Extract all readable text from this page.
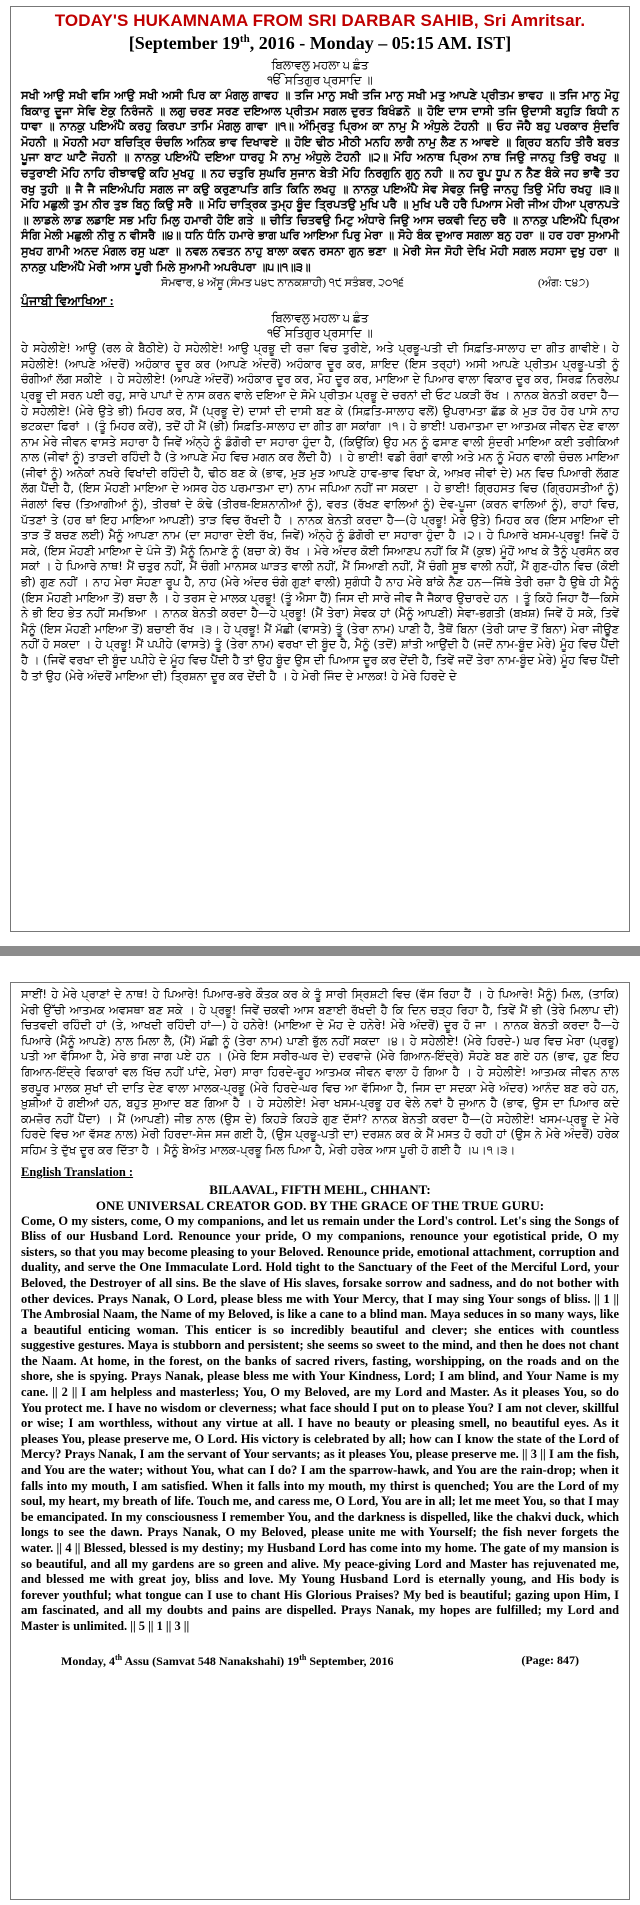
TODAY'S HUKAMNAMA FROM SRI DARBAR SAHIB, Sri Amritsar.

[September 19th, 2016 - Monday – 05:15 AM. IST]

ਬਿਲਾਵਲੁ ਮਹਲਾ ੫ ਛੰਤ
ੴ ਸਤਿਗੁਰ ਪ੍ਰਸਾਦਿ ॥

ਸਖੀ ਆਉ ਸਖੀ ਵਸਿ ਆਉ ਸਖੀ ਅਸੀ ਪਿਰ ਕਾ ਮੰਗਲੁ ਗਾਵਹ ॥ ਤਜਿ ਮਾਨੁ ਸਖੀ ਤਜਿ ਮਾਨੁ ਸਖੀ ਮਤੁ ਆਪਣੇ ਪ੍ਰੀਤਮ ਭਾਵਹ ॥ ਤਜਿ ਮਾਨੁ ਮੋਹੁ ਬਿਕਾਰੁ ਦੂਜਾ ਸੇਵਿ ਏਕੁ ਨਿਰੰਜਨੋ ॥ ਲਗੁ ਚਰਣ ਸਰਣ ਦਇਆਲ ਪ੍ਰੀਤਮ ਸਗਲ ਦੁਰਤ ਬਿਖੰਡਨੋ ॥ ਹੋਇ ਦਾਸ ਦਾਸੀ ਤਜਿ ਉਦਾਸੀ ਬਹੁੜਿ ਬਿਧੀ ਨ ਧਾਵਾ ॥ ਨਾਨਕੁ ਪਇਅੰਪੈ ਕਰਹੁ ਕਿਰਪਾ ਤਾਮਿ ਮੰਗਲੁ ਗਾਵਾ ॥੧॥ ਅੰਮ੍ਰਿਤੁ ਪ੍ਰਿਅ ਕਾ ਨਾਮੁ ਮੈ ਅੰਧੁਲੇ ਟੋਹਨੀ ॥ ਓਹ ਜੋਹੈ ਬਹੁ ਪਰਕਾਰ ਸੁੰਦਰਿ ਮੋਹਨੀ ॥ ਮੋਹਨੀ ਮਹਾ ਬਚਿਤ੍ਰਿ ਚੰਚਲਿ ਅਨਿਕ ਭਾਵ ਦਿਖਾਵਏ ॥ ਹੋਇ ਢੀਠ ਮੀਠੀ ਮਨਹਿ ਲਾਗੈ ਨਾਮੁ ਲੈਣ ਨ ਆਵਏ ॥ ਗ੍ਰਿਹ ਬਨਹਿ ਤੀਰੈ ਬਰਤ ਪੂਜਾ ਬਾਟ ਘਾਟੈ ਜੋਹਨੀ ॥ ਨਾਨਕੁ ਪਇਅੰਪੈ ਦਇਆ ਧਾਰਹੁ ਮੈ ਨਾਮੁ ਅੰਧੁਲੇ ਟੋਹਨੀ ॥੨॥ ਮੋਹਿ ਅਨਾਥ ਪ੍ਰਿਅ ਨਾਥ ਜਿਉ ਜਾਨਹੁ ਤਿਉ ਰਖਹੁ ॥ ਚਤੁਰਾਈ ਮੋਹਿ ਨਾਹਿ ਰੀਝਾਵਉ ਕਹਿ ਮੁਖਹੁ ॥ ਨਹ ਚਤੁਰਿ ਸੁਘਰਿ ਸੁਜਾਨ ਬੇਤੀ ਮੋਹਿ ਨਿਰਗੁਨਿ ਗੁਨੁ ਨਹੀ ॥ ਨਹ ਰੂਪ ਧੂਪ ਨ ਨੈਣ ਬੰਕੇ ਜਹ ਭਾਵੈ ਤਹ ਰਖੁ ਤੁਹੀ ॥ ਜੈ ਜੈ ਜਇਅੰਪਹਿ ਸਗਲ ਜਾ ਕਉ ਕਰੁਣਾਪਤਿ ਗਤਿ ਕਿਨਿ ਲਖਹੁ ॥ ਨਾਨਕੁ ਪਇਅੰਪੈ ਸੇਵ ਸੇਵਕੁ ਜਿਉ ਜਾਨਹੁ ਤਿਉ ਮੋਹਿ ਰਖਹੁ ॥੩॥ ਮੋਹਿ ਮਛੁਲੀ ਤੁਮ ਨੀਰ ਤੁਝ ਬਿਨੁ ਕਿਉ ਸਰੈ ॥ ਮੋਹਿ ਚਾਤ੍ਰਿਕ ਤੁਮ੍ਹ ਬੂੰਦ ਤ੍ਰਿਪਤਉ ਮੁਖਿ ਪਰੈ ॥ ਮੁਖਿ ਪਰੈ ਹਰੈ ਪਿਆਸ ਮੇਰੀ ਜੀਅ ਹੀਆ ਪ੍ਰਾਨਪਤੇ ॥ ਲਾਡਲੇ ਲਾਡ ਲਡਾਇ ਸਭ ਮਹਿ ਮਿਲੁ ਹਮਾਰੀ ਹੋਇ ਗਤੇ ॥ ਚੀਤਿ ਚਿਤਵਉ ਮਿਟੁ ਅੰਧਾਰੇ ਜਿਉ ਆਸ ਚਕਵੀ ਦਿਨੁ ਚਰੈ ॥ ਨਾਨਕੁ ਪਇਅੰਪੈ ਪ੍ਰਿਅ ਸੰਗਿ ਮੇਲੀ ਮਛੁਲੀ ਨੀਰੁ ਨ ਵੀਸਰੈ ॥੪॥ ਧਨਿ ਧੰਨਿ ਹਮਾਰੇ ਭਾਗ ਘਰਿ ਆਇਆ ਪਿਰੁ ਮੇਰਾ ॥ ਸੋਹੇ ਬੰਕ ਦੁਆਰ ਸਗਲਾ ਬਨੁ ਹਰਾ ॥ ਹਰ ਹਰਾ ਸੁਆਮੀ ਸੁਖਹ ਗਾਮੀ ਅਨਦ ਮੰਗਲ ਰਸੁ ਘਣਾ ॥ ਨਵਲ ਨਵਤਨ ਨਾਹੁ ਬਾਲਾ ਕਵਨ ਰਸਨਾ ਗੁਨ ਭਣਾ ॥ ਮੇਰੀ ਸੇਜ ਸੋਹੀ ਦੇਖਿ ਮੋਹੀ ਸਗਲ ਸਹਸਾ ਦੁਖੁ ਹਰਾ ॥ ਨਾਨਕੁ ਪਇਅੰਪੈ ਮੇਰੀ ਆਸ ਪੂਰੀ ਮਿਲੇ ਸੁਆਮੀ ਅਪਰੰਪਰਾ ॥੫॥੧॥੩॥

ਸੋਮਵਾਰ, ੪ ਅੱਸੂ (ਸੰਮਤ ੫੪੮ ਨਾਨਕਸ਼ਾਹੀ) ੧੯ ਸਤੰਬਰ, ੨੦੧੬	(ਅੰਗ: ੮੪੭)
ਪੰਜਾਬੀ ਵਿਆਖਿਆ :
ਬਿਲਾਵਲੁ ਮਹਲਾ ੫ ਛੰਤ
ੴ ਸਤਿਗੁਰ ਪ੍ਰਸਾਦਿ ॥

ਹੇ ਸਹੇਲੀਏ! ਆਉ (ਰਲ ਕੇ ਬੈਠੀਏ) ਹੇ ਸਹੇਲੀਏ! ਆਉ ਪ੍ਰਭੂ ਦੀ ਰਜ਼ਾ ਵਿਚ ਤੁਰੀਏ, ਅਤੇ ਪ੍ਰਭੂ-ਪਤੀ ਦੀ ਸਿਫ਼ਤਿ-ਸਾਲਾਹ ਦਾ ਗੀਤ ਗਾਵੀਏ। ਹੇ ਸਹੇਲੀਏ! (ਆਪਣੇ ਅੰਦਰੋਂ) ਅਹੰਕਾਰ ਦੂਰ ਕਰ (ਆਪਣੇ ਅੰਦਰੋਂ) ਅਹੰਕਾਰ ਦੂਰ ਕਰ, ਸ਼ਾਇਦ (ਇਸ ਤਰ੍ਹਾਂ) ਅਸੀ ਆਪਣੇ ਪ੍ਰੀਤਮ ਪ੍ਰਭੂ-ਪਤੀ ਨੂੰ ਚੰਗੀਆਂ ਲੱਗ ਸਕੀਏ । ਹੇ ਸਹੇਲੀਏ! (ਆਪਣੇ ਅੰਦਰੋਂ) ਅਹੰਕਾਰ ਦੂਰ ਕਰ, ਮੋਹ ਦੂਰ ਕਰ, ਮਾਇਆ ਦੇ ਪਿਆਰ ਵਾਲਾ ਵਿਕਾਰ ਦੂਰ ਕਰ, ਸਿਰਫ਼ ਨਿਰਲੇਪ ਪ੍ਰਭੂ ਦੀ ਸਰਨ ਪਈ ਰਹੁ, ਸਾਰੇ ਪਾਪਾਂ ਦੇ ਨਾਸ ਕਰਨ ਵਾਲੇ ਦਇਆ ਦੇ ਸੋਮੇ ਪ੍ਰੀਤਮ ਪ੍ਰਭੂ ਦੇ ਚਰਨਾਂ ਦੀ ਓਟ ਪਕੜੀ ਰੱਖ । ਨਾਨਕ ਬੇਨਤੀ ਕਰਦਾ ਹੈ—ਹੇ ਸਹੇਲੀਏ! (ਮੇਰੇ ਉਤੇ ਭੀ) ਮਿਹਰ ਕਰ, ਮੈਂ (ਪ੍ਰਭੂ ਦੇ) ਦਾਸਾਂ ਦੀ ਦਾਸੀ ਬਣ ਕੇ (ਸਿਫ਼ਤਿ-ਸਾਲਾਹ ਵਲੋਂ) ਉਪਰਾਮਤਾ ਛੱਡ ਕੇ ਮੁੜ ਹੋਰ ਹੋਰ ਪਾਸੇ ਨਾਹ ਭਟਕਦਾ ਫਿਰਾਂ । (ਤੂੰ ਮਿਹਰ ਕਰੇਂ), ਤਦੋਂ ਹੀ ਮੈਂ (ਭੀ) ਸਿਫ਼ਤਿ-ਸਾਲਾਹ ਦਾ ਗੀਤ ਗਾ ਸਕਾਂਗਾ ।੧। ਹੇ ਭਾਈ! ਪਰਮਾਤਮਾ ਦਾ ਆਤਮਕ ਜੀਵਨ ਦੇਣ ਵਾਲਾ ਨਾਮ ਮੇਰੇ ਜੀਵਨ ਵਾਸਤੇ ਸਹਾਰਾ ਹੈ ਜਿਵੇਂ ਅੰਨ੍ਹੇ ਨੂੰ ਡੰਗੋਰੀ ਦਾ ਸਹਾਰਾ ਹੁੰਦਾ ਹੈ, (ਕਿਉਂਕਿ) ਉਹ ਮਨ ਨੂੰ ਫਸਾਣ ਵਾਲੀ ਸੁੰਦਰੀ ਮਾਇਆ ਕਈ ਤਰੀਕਿਆਂ ਨਾਲ (ਜੀਵਾਂ ਨੂੰ) ਤਾੜਦੀ ਰਹਿੰਦੀ ਹੈ (ਤੇ ਆਪਣੇ ਮੋਹ ਵਿਚ ਮਗਨ ਕਰ ਲੈਂਦੀ ਹੈ) । ਹੇ ਭਾਈ! ਵਡੀ ਰੰਗਾਂ ਵਾਲੀ ਅਤੇ ਮਨ ਨੂੰ ਮੋਹਨ ਵਾਲੀ ਚੰਚਲ ਮਾਇਆ (ਜੀਵਾਂ ਨੂੰ) ਅਨੇਕਾਂ ਨਖਰੇ ਵਿਖਾਂਦੀ ਰਹਿੰਦੀ ਹੈ, ਢੀਠ ਬਣ ਕੇ (ਭਾਵ, ਮੁੜ ਮੁੜ ਆਪਣੇ ਹਾਵ-ਭਾਵ ਵਿਖਾ ਕੇ, ਆਖ਼ਰ ਜੀਵਾਂ ਦੇ) ਮਨ ਵਿਚ ਪਿਆਰੀ ਲੱਗਣ ਲੱਗ ਪੈਂਦੀ ਹੈ, (ਇਸ ਮੋਹਣੀ ਮਾਇਆ ਦੇ ਅਸਰ ਹੇਠ ਪਰਮਾਤਮਾ ਦਾ) ਨਾਮ ਜਪਿਆ ਨਹੀਂ ਜਾ ਸਕਦਾ । ਹੇ ਭਾਈ! ਗ੍ਰਿਹਸਤ ਵਿਚ (ਗ੍ਰਿਹਸਤੀਆਂ ਨੂੰ) ਜੰਗਲਾਂ ਵਿਚ (ਤਿਆਗੀਆਂ ਨੂੰ), ਤੀਰਥਾਂ ਦੇ ਕੰਢੇ (ਤੀਰਥ-ਇਸ਼ਨਾਨੀਆਂ ਨੂੰ), ਵਰਤ (ਰੱਖਣ ਵਾਲਿਆਂ ਨੂੰ) ਦੇਵ-ਪੂਜਾ (ਕਰਨ ਵਾਲਿਆਂ ਨੂੰ), ਰਾਹਾਂ ਵਿਚ, ਪੱਤਣਾਂ ਤੇ (ਹਰ ਥਾਂ ਇਹ ਮਾਇਆ ਆਪਣੀ) ਤਾੜ ਵਿਚ ਰੱਖਦੀ ਹੈ । ਨਾਨਕ ਬੇਨਤੀ ਕਰਦਾ ਹੈ—(ਹੇ ਪ੍ਰਭੂ! ਮੇਰੇ ਉਤੇ) ਮਿਹਰ ਕਰ (ਇਸ ਮਾਇਆ ਦੀ ਤਾੜ ਤੋਂ ਬਚਣ ਲਈ) ਮੈਨੂੰ ਆਪਣਾ ਨਾਮ (ਦਾ ਸਹਾਰਾ ਦੇਈ ਰੱਖ, ਜਿਵੇਂ) ਅੰਨ੍ਹੇ ਨੂੰ ਡੰਗੋਰੀ ਦਾ ਸਹਾਰਾ ਹੁੰਦਾ ਹੈ ।੨। ਹੇ ਪਿਆਰੇ ਖਸਮ-ਪ੍ਰਭੂ! ਜਿਵੇਂ ਹੋ ਸਕੇ, (ਇਸ ਮੋਹਣੀ ਮਾਇਆ ਦੇ ਪੰਜੇ ਤੋਂ) ਮੈਨੂੰ ਨਿਮਾਣੇ ਨੂੰ (ਬਚਾ ਕੇ) ਰੱਖ । ਮੇਰੇ ਅੰਦਰ ਕੋਈ ਸਿਆਣਪ ਨਹੀਂ ਕਿ ਮੈਂ (ਕੁਝ) ਮੂੰਹੋਂ ਆਖ ਕੇ ਤੈਨੂੰ ਪ੍ਰਸੰਨ ਕਰ ਸਕਾਂ । ਹੇ ਪਿਆਰੇ ਨਾਥ! ਮੈਂ ਚਤੁਰ ਨਹੀਂ, ਮੈਂ ਚੰਗੀ ਮਾਨਸਕ ਘਾੜਤ ਵਾਲੀ ਨਹੀਂ, ਮੈਂ ਸਿਆਣੀ ਨਹੀਂ, ਮੈਂ ਚੰਗੀ ਸੂਝ ਵਾਲੀ ਨਹੀਂ, ਮੈਂ ਗੁਣ-ਹੀਨ ਵਿਚ (ਕੋਈ ਭੀ) ਗੁਣ ਨਹੀਂ । ਨਾਹ ਮੇਰਾ ਸੋਹਣਾ ਰੂਪ ਹੈ, ਨਾਹ (ਮੇਰੇ ਅੰਦਰ ਚੰਗੇ ਗੁਣਾਂ ਵਾਲੀ) ਸੁਗੰਧੀ ਹੈ ਨਾਹ ਮੇਰੇ ਬਾਂਕੇ ਨੈਣ ਹਨ—ਜਿੱਥੇ ਤੇਰੀ ਰਜ਼ਾ ਹੈ ਉਥੇ ਹੀ ਮੈਨੂੰ (ਇਸ ਮੋਹਣੀ ਮਾਇਆ ਤੋਂ) ਬਚਾ ਲੈ । ਹੇ ਤਰਸ ਦੇ ਮਾਲਕ ਪ੍ਰਭੂ! (ਤੂੰ ਐਸਾ ਹੈਂ) ਜਿਸ ਦੀ ਸਾਰੇ ਜੀਵ ਜੈ ਜੈਕਾਰ ਉਚਾਰਦੇ ਹਨ । ਤੂੰ ਕਿਹੋ ਜਿਹਾ ਹੈਂ—ਕਿਸੇ ਨੇ ਭੀ ਇਹ ਭੇਤ ਨਹੀਂ ਸਮਝਿਆ । ਨਾਨਕ ਬੇਨਤੀ ਕਰਦਾ ਹੈ—ਹੇ ਪ੍ਰਭੂ! (ਮੈਂ ਤੇਰਾ) ਸੇਵਕ ਹਾਂ (ਮੈਨੂੰ ਆਪਣੀ) ਸੇਵਾ-ਭਗਤੀ (ਬਖ਼ਸ਼) ਜਿਵੇਂ ਹੋ ਸਕੇ, ਤਿਵੇਂ ਮੈਨੂੰ (ਇਸ ਮੋਹਣੀ ਮਾਇਆ ਤੋਂ) ਬਚਾਈ ਰੱਖ ।੩। ਹੇ ਪ੍ਰਭੂ! ਮੈਂ ਮੱਛੀ (ਵਾਸਤੇ) ਤੂੰ (ਤੇਰਾ ਨਾਮ) ਪਾਣੀ ਹੈ, ਤੈਥੋਂ ਬਿਨਾ (ਤੇਰੀ ਯਾਦ ਤੋਂ ਬਿਨਾ) ਮੇਰਾ ਜੀਊਣ ਨਹੀਂ ਹੋ ਸਕਦਾ । ਹੇ ਪ੍ਰਭੂ! ਮੈਂ ਪਪੀਹੇ (ਵਾਸਤੇ) ਤੂੰ (ਤੇਰਾ ਨਾਮ) ਵਰਖਾ ਦੀ ਬੂੰਦ ਹੈ, ਮੈਨੂੰ (ਤਦੋਂ) ਸ਼ਾਂਤੀ ਆਉਂਦੀ ਹੈ (ਜਦੋਂ ਨਾਮ-ਬੂੰਦ ਮੇਰੇ) ਮੂੰਹ ਵਿਚ ਪੈਂਦੀ ਹੈ । (ਜਿਵੇਂ ਵਰਖਾ ਦੀ ਬੂੰਦ ਪਪੀਹੇ ਦੇ ਮੂੰਹ ਵਿਚ ਪੈਂਦੀ ਹੈ ਤਾਂ ਉਹ ਬੂੰਦ ਉਸ ਦੀ ਪਿਆਸ ਦੂਰ ਕਰ ਦੇਂਦੀ ਹੈ, ਤਿਵੇਂ ਜਦੋਂ ਤੇਰਾ ਨਾਮ-ਬੂੰਦ ਮੇਰੇ) ਮੂੰਹ ਵਿਚ ਪੈਂਦੀ ਹੈ ਤਾਂ ਉਹ (ਮੇਰੇ ਅੰਦਰੋਂ ਮਾਇਆ ਦੀ) ਤ੍ਰਿਸ਼ਨਾ ਦੂਰ ਕਰ ਦੇਂਦੀ ਹੈ । ਹੇ ਮੇਰੀ ਜਿੰਦ ਦੇ ਮਾਲਕ! ਹੇ ਮੇਰੇ ਹਿਰਦੇ ਦੇ

ਸਾਈਂ! ਹੇ ਮੇਰੇ ਪ੍ਰਾਣਾਂ ਦੇ ਨਾਥ! ਹੇ ਪਿਆਰੇ! ਪਿਆਰ-ਭਰੇ ਕੌਤਕ ਕਰ ਕੇ ਤੂੰ ਸਾਰੀ ਸ੍ਰਿਸ਼ਟੀ ਵਿਚ (ਵੱਸ ਰਿਹਾ ਹੈਂ । ਹੇ ਪਿਆਰੇ! ਮੈਨੂੰ) ਮਿਲ, (ਤਾਕਿ) ਮੇਰੀ ਉੱਚੀ ਆਤਮਕ ਅਵਸਥਾ ਬਣ ਸਕੇ । ਹੇ ਪ੍ਰਭੂ! ਜਿਵੇਂ ਚਕਵੀ ਆਸ ਬਣਾਈ ਰੱਖਦੀ ਹੈ ਕਿ ਦਿਨ ਚੜ੍ਹ ਰਿਹਾ ਹੈ, ਤਿਵੇਂ ਮੈਂ ਭੀ (ਤੇਰੇ ਮਿਲਾਪ ਦੀ) ਚਿਤਵਦੀ ਰਹਿੰਦੀ ਹਾਂ (ਤੇ, ਆਖਦੀ ਰਹਿੰਦੀ ਹਾਂ—) ਹੇ ਹਨੇਰੇ! (ਮਾਇਆ ਦੇ ਮੋਹ ਦੇ ਹਨੇਰੇ! ਮੇਰੇ ਅੰਦਰੋਂ) ਦੂਰ ਹੋ ਜਾ । ਨਾਨਕ ਬੇਨਤੀ ਕਰਦਾ ਹੈ—ਹੇ ਪਿਆਰੇ (ਮੈਨੂੰ ਆਪਣੇ) ਨਾਲ ਮਿਲਾ ਲੈ, (ਮੈਂ) ਮੱਛੀ ਨੂੰ (ਤੇਰਾ ਨਾਮ) ਪਾਣੀ ਭੁੱਲ ਨਹੀਂ ਸਕਦਾ ।੪। ਹੇ ਸਹੇਲੀਏ! (ਮੇਰੇ ਹਿਰਦੇ-) ਘਰ ਵਿਚ ਮੇਰਾ (ਪ੍ਰਭੂ) ਪਤੀ ਆ ਵੱਸਿਆ ਹੈ, ਮੇਰੇ ਭਾਗ ਜਾਗ ਪਏ ਹਨ । (ਮੇਰੇ ਇਸ ਸਰੀਰ-ਘਰ ਦੇ) ਦਰਵਾਜ਼ੇ (ਮੇਰੇ ਗਿਆਨ-ਇੰਦ੍ਰੇ) ਸੋਹਣੇ ਬਣ ਗਏ ਹਨ (ਭਾਵ, ਹੁਣ ਇਹ ਗਿਆਨ-ਇੰਦ੍ਰੇ ਵਿਕਾਰਾਂ ਵਲ ਖਿੱਚ ਨਹੀਂ ਪਾਂਦੇ, ਮੇਰਾ) ਸਾਰਾ ਹਿਰਦੇ-ਰੂਹ ਆਤਮਕ ਜੀਵਨ ਵਾਲਾ ਹੋ ਗਿਆ ਹੈ । ਹੇ ਸਹੇਲੀਏ! ਆਤਮਕ ਜੀਵਨ ਨਾਲ ਭਰਪੂਰ ਮਾਲਕ ਸੁਖਾਂ ਦੀ ਦਾਤਿ ਦੇਣ ਵਾਲਾ ਮਾਲਕ-ਪ੍ਰਭੂ (ਮੇਰੇ ਹਿਰਦੇ-ਘਰ ਵਿਚ ਆ ਵੱਸਿਆ ਹੈ, ਜਿਸ ਦਾ ਸਦਕਾ ਮੇਰੇ ਅੰਦਰ) ਆਨੰਦ ਬਣ ਰਹੇ ਹਨ, ਖ਼ੁਸ਼ੀਆਂ ਹੋ ਗਈਆਂ ਹਨ, ਬਹੁਤ ਸੁਆਦ ਬਣ ਗਿਆ ਹੈ । ਹੇ ਸਹੇਲੀਏ! ਮੇਰਾ ਖਸਮ-ਪ੍ਰਭੂ ਹਰ ਵੇਲੇ ਨਵਾਂ ਹੈ ਜੁਆਨ ਹੈ (ਭਾਵ, ਉਸ ਦਾ ਪਿਆਰ ਕਦੇ ਕਮਜ਼ੋਰ ਨਹੀਂ ਪੈਂਦਾ) । ਮੈਂ (ਆਪਣੀ) ਜੀਭ ਨਾਲ (ਉਸ ਦੇ) ਕਿਹੜੇ ਕਿਹੜੇ ਗੁਣ ਦੱਸਾਂ? ਨਾਨਕ ਬੇਨਤੀ ਕਰਦਾ ਹੈ—(ਹੇ ਸਹੇਲੀਏ! ਖਸਮ-ਪ੍ਰਭੂ ਦੇ ਮੇਰੇ ਹਿਰਦੇ ਵਿਚ ਆ ਵੱਸਣ ਨਾਲ) ਮੇਰੀ ਹਿਰਦਾ-ਸੇਜ ਸਜ ਗਈ ਹੈ, (ਉਸ ਪ੍ਰਭੂ-ਪਤੀ ਦਾ) ਦਰਸ਼ਨ ਕਰ ਕੇ ਮੈਂ ਮਸਤ ਹੋ ਰਹੀ ਹਾਂ (ਉਸ ਨੇ ਮੇਰੇ ਅੰਦਰੋਂ) ਹਰੇਕ ਸਹਿਮ ਤੇ ਦੁੱਖ ਦੂਰ ਕਰ ਦਿੱਤਾ ਹੈ । ਮੈਨੂੰ ਬੇਅੰਤ ਮਾਲਕ-ਪ੍ਰਭੂ ਮਿਲ ਪਿਆ ਹੈ, ਮੇਰੀ ਹਰੇਕ ਆਸ ਪੂਰੀ ਹੋ ਗਈ ਹੈ ।੫।੧।੩।

English Translation :

BILAAVAL, FIFTH MEHL, CHHANT:

ONE UNIVERSAL CREATOR GOD. BY THE GRACE OF THE TRUE GURU:

Come, O my sisters, come, O my companions, and let us remain under the Lord's control. Let's sing the Songs of Bliss of our Husband Lord. Renounce your pride, O my companions, renounce your egotistical pride, O my sisters, so that you may become pleasing to your Beloved. Renounce pride, emotional attachment, corruption and duality, and serve the One Immaculate Lord. Hold tight to the Sanctuary of the Feet of the Merciful Lord, your Beloved, the Destroyer of all sins. Be the slave of His slaves, forsake sorrow and sadness, and do not bother with other devices. Prays Nanak, O Lord, please bless me with Your Mercy, that I may sing Your songs of bliss. || 1 || The Ambrosial Naam, the Name of my Beloved, is like a cane to a blind man. Maya seduces in so many ways, like a beautiful enticing woman. This enticer is so incredibly beautiful and clever; she entices with countless suggestive gestures. Maya is stubborn and persistent; she seems so sweet to the mind, and then he does not chant the Naam. At home, in the forest, on the banks of sacred rivers, fasting, worshipping, on the roads and on the shore, she is spying. Prays Nanak, please bless me with Your Kindness, Lord; I am blind, and Your Name is my cane. || 2 || I am helpless and masterless; You, O my Beloved, are my Lord and Master. As it pleases You, so do You protect me. I have no wisdom or cleverness; what face should I put on to please You? I am not clever, skillful or wise; I am worthless, without any virtue at all. I have no beauty or pleasing smell, no beautiful eyes. As it pleases You, please preserve me, O Lord. His victory is celebrated by all; how can I know the state of the Lord of Mercy? Prays Nanak, I am the servant of Your servants; as it pleases You, please preserve me. || 3 || I am the fish, and You are the water; without You, what can I do? I am the sparrow-hawk, and You are the rain-drop; when it falls into my mouth, I am satisfied. When it falls into my mouth, my thirst is quenched; You are the Lord of my soul, my heart, my breath of life. Touch me, and caress me, O Lord, You are in all; let me meet You, so that I may be emancipated. In my consciousness I remember You, and the darkness is dispelled, like the chakvi duck, which longs to see the dawn. Prays Nanak, O my Beloved, please unite me with Yourself; the fish never forgets the water. || 4 || Blessed, blessed is my destiny; my Husband Lord has come into my home. The gate of my mansion is so beautiful, and all my gardens are so green and alive. My peace-giving Lord and Master has rejuvenated me, and blessed me with great joy, bliss and love. My Young Husband Lord is eternally young, and His body is forever youthful; what tongue can I use to chant His Glorious Praises? My bed is beautiful; gazing upon Him, I am fascinated, and all my doubts and pains are dispelled. Prays Nanak, my hopes are fulfilled; my Lord and Master is unlimited. || 5 || 1 || 3 ||

Monday, 4th Assu (Samvat 548 Nanakshahi) 19th September, 2016	(Page: 847)
